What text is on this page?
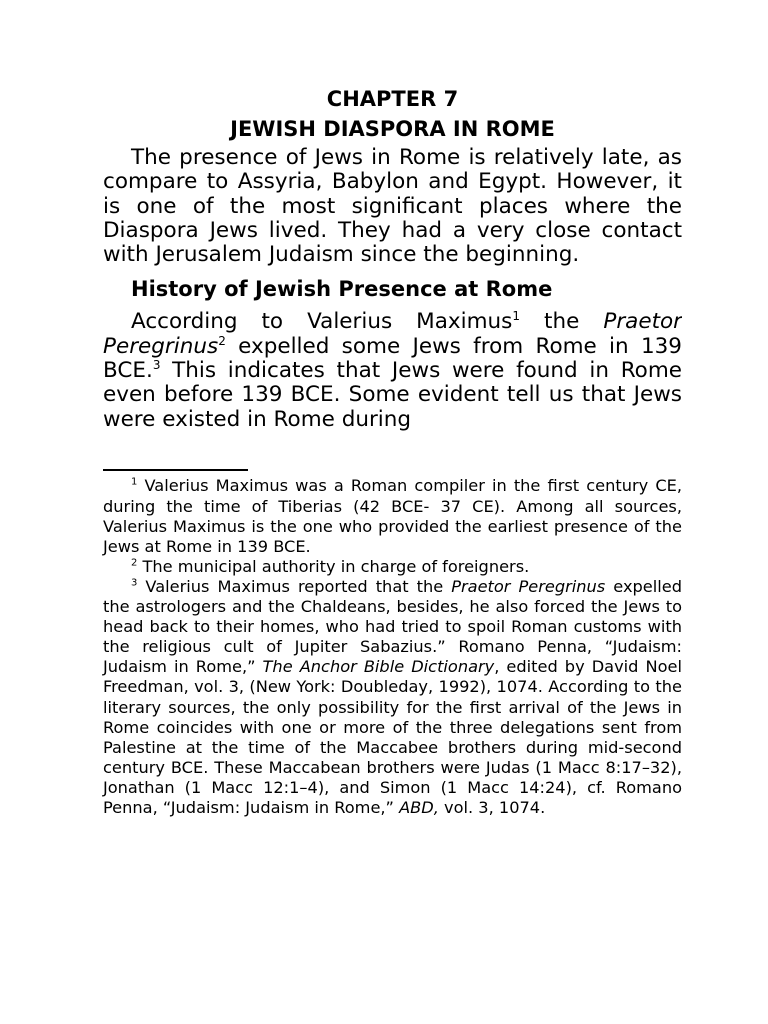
CHAPTER 7
JEWISH DIASPORA IN ROME

The presence of Jews in Rome is relatively late, as compare to Assyria, Babylon and Egypt. However, it is one of the most significant places where the Diaspora Jews lived. They had a very close contact with Jerusalem Judaism since the beginning.

History of Jewish Presence at Rome

According to Valerius Maximus$^1$ the Praetor Peregrinus$^2$ expelled some Jews from Rome in 139 BCE.$^3$ This indicates that Jews were found in Rome even before 139 BCE. Some evident tell us that Jews were existed in Rome during

$^1$ Valerius Maximus was a Roman compiler in the first century CE, during the time of Tiberias (42 BCE- 37 CE). Among all sources, Valerius Maximus is the one who provided the earliest presence of the Jews at Rome in 139 BCE.

$^2$ The municipal authority in charge of foreigners.

$^3$ Valerius Maximus reported that the Praetor Peregrinus expelled the astrologers and the Chaldeans, besides, he also forced the Jews to head back to their homes, who had tried to spoil Roman customs with the religious cult of Jupiter Sabazius.” Romano Penna, “Judaism: Judaism in Rome,” The Anchor Bible Dictionary, edited by David Noel Freedman, vol. 3, (New York: Doubleday, 1992), 1074. According to the literary sources, the only possibility for the first arrival of the Jews in Rome coincides with one or more of the three delegations sent from Palestine at the time of the Maccabee brothers during mid-second century BCE. These Maccabean brothers were Judas (1 Macc 8:17–32), Jonathan (1 Macc 12:1–4), and Simon (1 Macc 14:24), cf. Romano Penna, “Judaism: Judaism in Rome,” ABD, vol. 3, 1074.
